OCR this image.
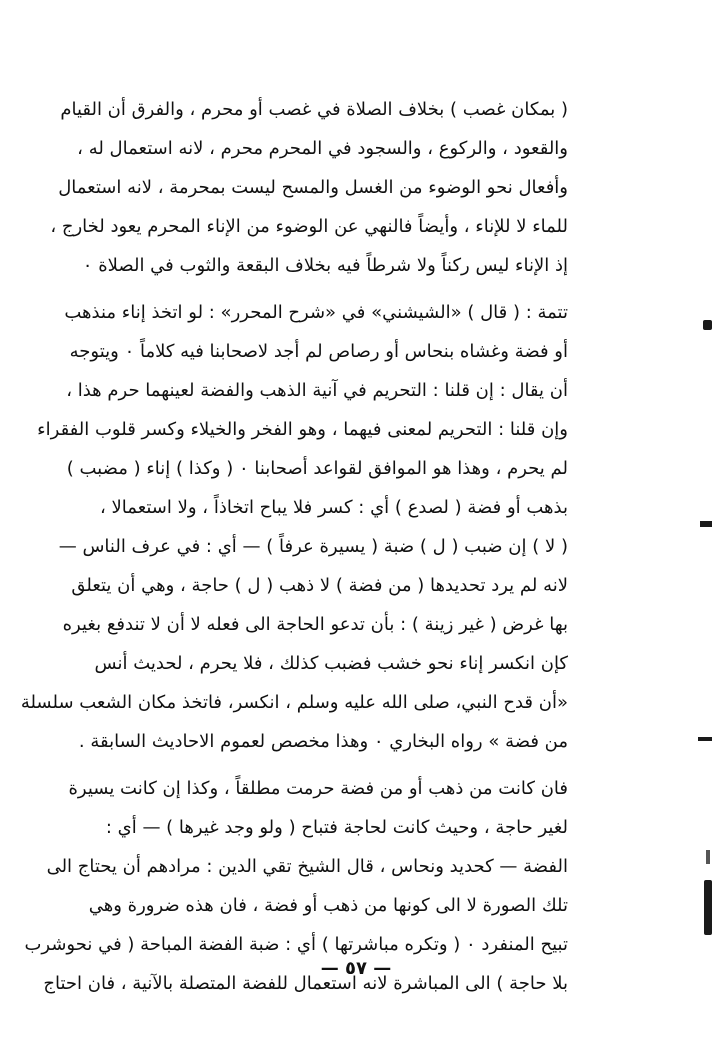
( بمكان غصب ) بخلاف الصلاة في غصب أو محرم ، والفرق أن القيام
والقعود ، والركوع ، والسجود في المحرم محرم ، لانه استعمال له ،
وأفعال نحو الوضوء من الغسل والمسح ليست بمحرمة ، لانه استعمال
للماء لا للإناء ، وأيضاً فالنهي عن الوضوء من الإناء المحرم يعود لخارج ،
إذ الإناء ليس ركناً ولا شرطاً فيه بخلاف البقعة والثوب في الصلاة ٠
تتمة : ( قال ) «الشيشني» في «شرح المحرر» : لو اتخذ إناء منذهب
أو فضة وغشاه بنحاس أو رصاص لم أجد لاصحابنا فيه كلاماً ٠ ويتوجه
أن يقال : إن قلنا : التحريم في آنية الذهب والفضة لعينهما حرم هذا ،
وإن قلنا : التحريم لمعنى فيهما ، وهو الفخر والخيلاء وكسر قلوب الفقراء
لم يحرم ، وهذا هو الموافق لقواعد أصحابنا ٠ ( وكذا ) إناء ( مضبب )
بذهب أو فضة ( لصدع ) أي : كسر فلا يباح اتخاذاً ، ولا استعمالا ،
( لا ) إن ضبب ( ل ) ضبة ( يسيرة عرفاً ) — أي : في عرف الناس —
لانه لم يرد تحديدها ( من فضة ) لا ذهب ( ل ) حاجة ، وهي أن يتعلق
بها غرض ( غير زينة ) : بأن تدعو الحاجة الى فعله لا أن لا تندفع بغيره
كإن انكسر إناء نحو خشب فضبب كذلك ، فلا يحرم ، لحديث أنس
«أن قدح النبي، صلى الله عليه وسلم ، انكسر، فاتخذ مكان الشعب سلسلة
من فضة » رواه البخاري ٠ وهذا مخصص لعموم الاحاديث السابقة .
فان كانت من ذهب أو من فضة حرمت مطلقاً ، وكذا إن كانت يسيرة
لغير حاجة ، وحيث كانت لحاجة فتباح ( ولو وجد غيرها ) — أي :
الفضة — كحديد ونحاس ، قال الشيخ تقي الدين : مرادهم أن يحتاج الى
تلك الصورة لا الى كونها من ذهب أو فضة ، فان هذه ضرورة وهي
تبيح المنفرد ٠ ( وتكره مباشرتها ) أي : ضبة الفضة المباحة ( في نحوشرب
بلا حاجة ) الى المباشرة لانه استعمال للفضة المتصلة بالآنية ، فان احتاج
— ٥٧ —
